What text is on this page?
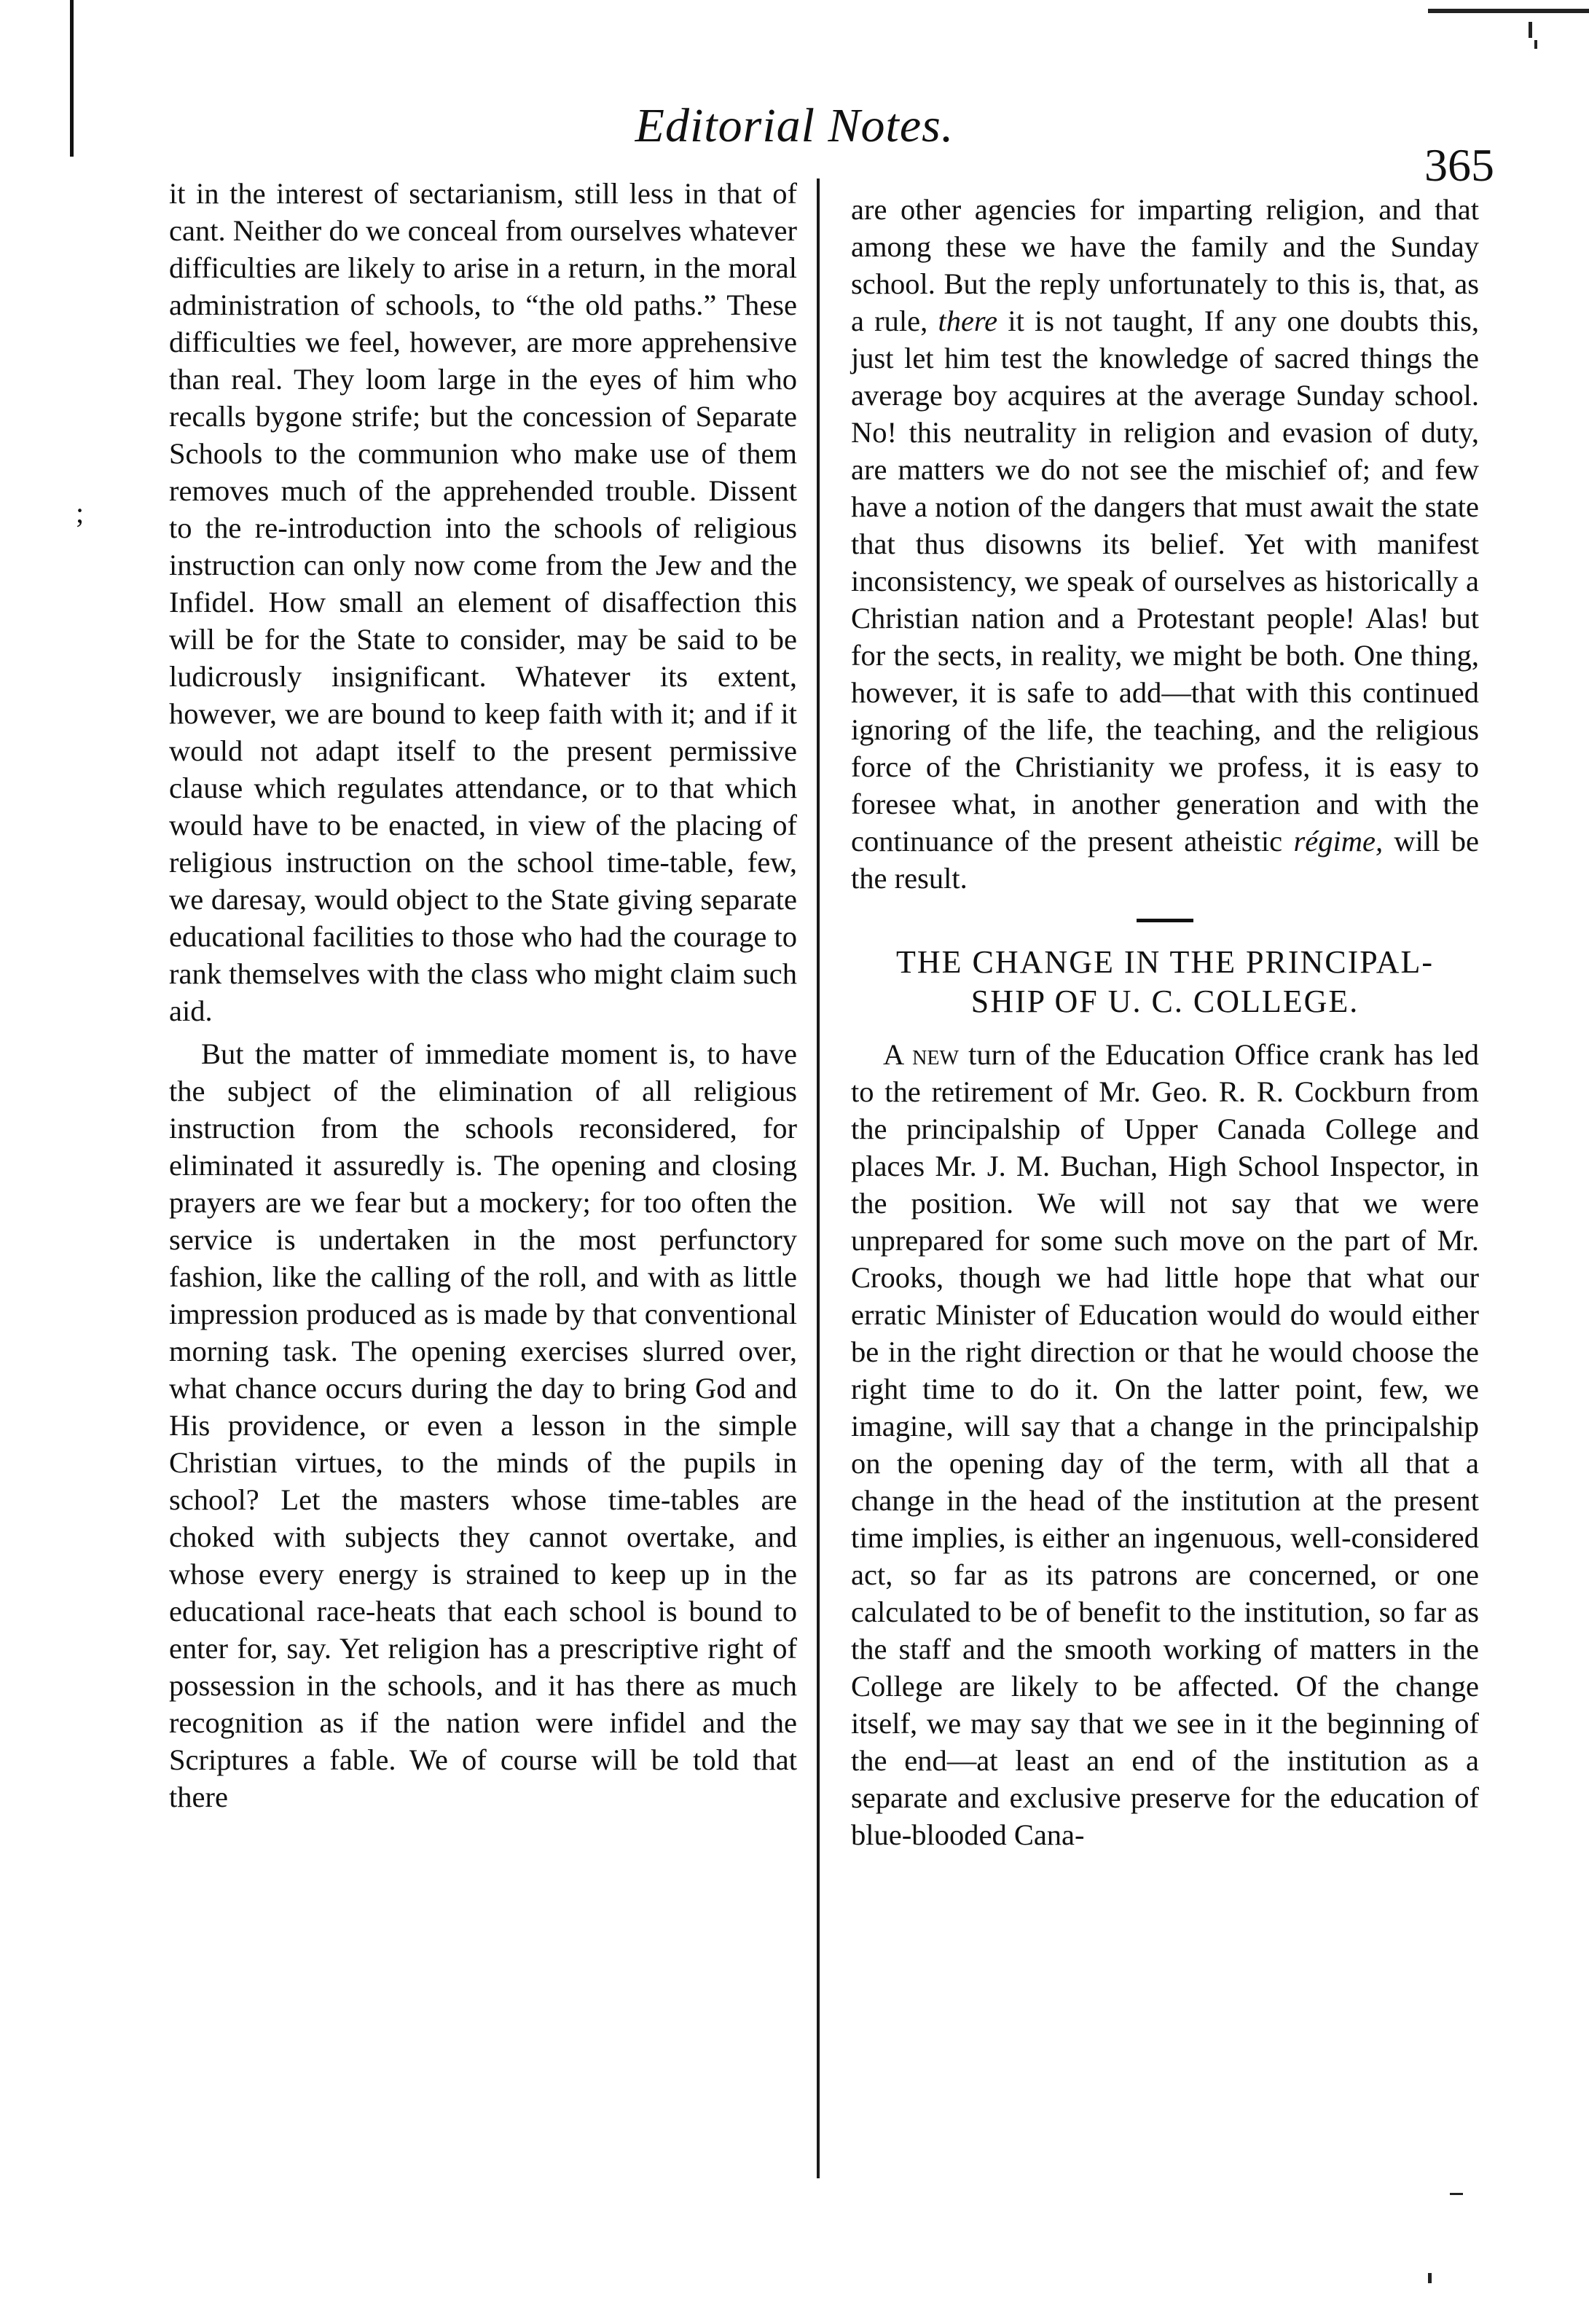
Editorial Notes.
365
;

it in the interest of sectarianism, still less in that of cant. Neither do we conceal from ourselves whatever difficulties are likely to arise in a return, in the moral administration of schools, to “the old paths.” These difficulties we feel, however, are more apprehensive than real. They loom large in the eyes of him who recalls bygone strife; but the concession of Separate Schools to the communion who make use of them removes much of the apprehended trouble. Dissent to the re-introduction into the schools of religious instruction can only now come from the Jew and the Infidel. How small an element of disaffection this will be for the State to consider, may be said to be ludicrously insignificant. Whatever its extent, however, we are bound to keep faith with it; and if it would not adapt itself to the present permissive clause which regulates attendance, or to that which would have to be enacted, in view of the placing of religious instruction on the school time-table, few, we daresay, would object to the State giving separate educational facilities to those who had the courage to rank themselves with the class who might claim such aid.

But the matter of immediate moment is, to have the subject of the elimination of all religious instruction from the schools reconsidered, for eliminated it assuredly is. The opening and closing prayers are we fear but a mockery; for too often the service is undertaken in the most perfunctory fashion, like the calling of the roll, and with as little impression produced as is made by that conventional morning task. The opening exercises slurred over, what chance occurs during the day to bring God and His providence, or even a lesson in the simple Christian virtues, to the minds of the pupils in school? Let the masters whose time-tables are choked with subjects they cannot overtake, and whose every energy is strained to keep up in the educational race-heats that each school is bound to enter for, say. Yet religion has a prescriptive right of possession in the schools, and it has there as much recognition as if the nation were infidel and the Scriptures a fable. We of course will be told that there

are other agencies for imparting religion, and that among these we have the family and the Sunday school. But the reply unfortunately to this is, that, as a rule, there it is not taught, If any one doubts this, just let him test the knowledge of sacred things the average boy acquires at the average Sunday school. No! this neutrality in religion and evasion of duty, are matters we do not see the mischief of; and few have a notion of the dangers that must await the state that thus disowns its belief. Yet with manifest inconsistency, we speak of ourselves as historically a Christian nation and a Protestant people! Alas! but for the sects, in reality, we might be both. One thing, however, it is safe to add—that with this continued ignoring of the life, the teaching, and the religious force of the Christianity we profess, it is easy to foresee what, in another generation and with the continuance of the present atheistic régime, will be the result.

THE CHANGE IN THE PRINCIPAL-
SHIP OF U. C. COLLEGE.

A new turn of the Education Office crank has led to the retirement of Mr. Geo. R. R. Cockburn from the principalship of Upper Canada College and places Mr. J. M. Buchan, High School Inspector, in the position. We will not say that we were unprepared for some such move on the part of Mr. Crooks, though we had little hope that what our erratic Minister of Education would do would either be in the right direction or that he would choose the right time to do it. On the latter point, few, we imagine, will say that a change in the principalship on the opening day of the term, with all that a change in the head of the institution at the present time implies, is either an ingenuous, well-considered act, so far as its patrons are concerned, or one calculated to be of benefit to the institution, so far as the staff and the smooth working of matters in the College are likely to be affected. Of the change itself, we may say that we see in it the beginning of the end—at least an end of the institution as a separate and exclusive preserve for the education of blue-blooded Cana-
